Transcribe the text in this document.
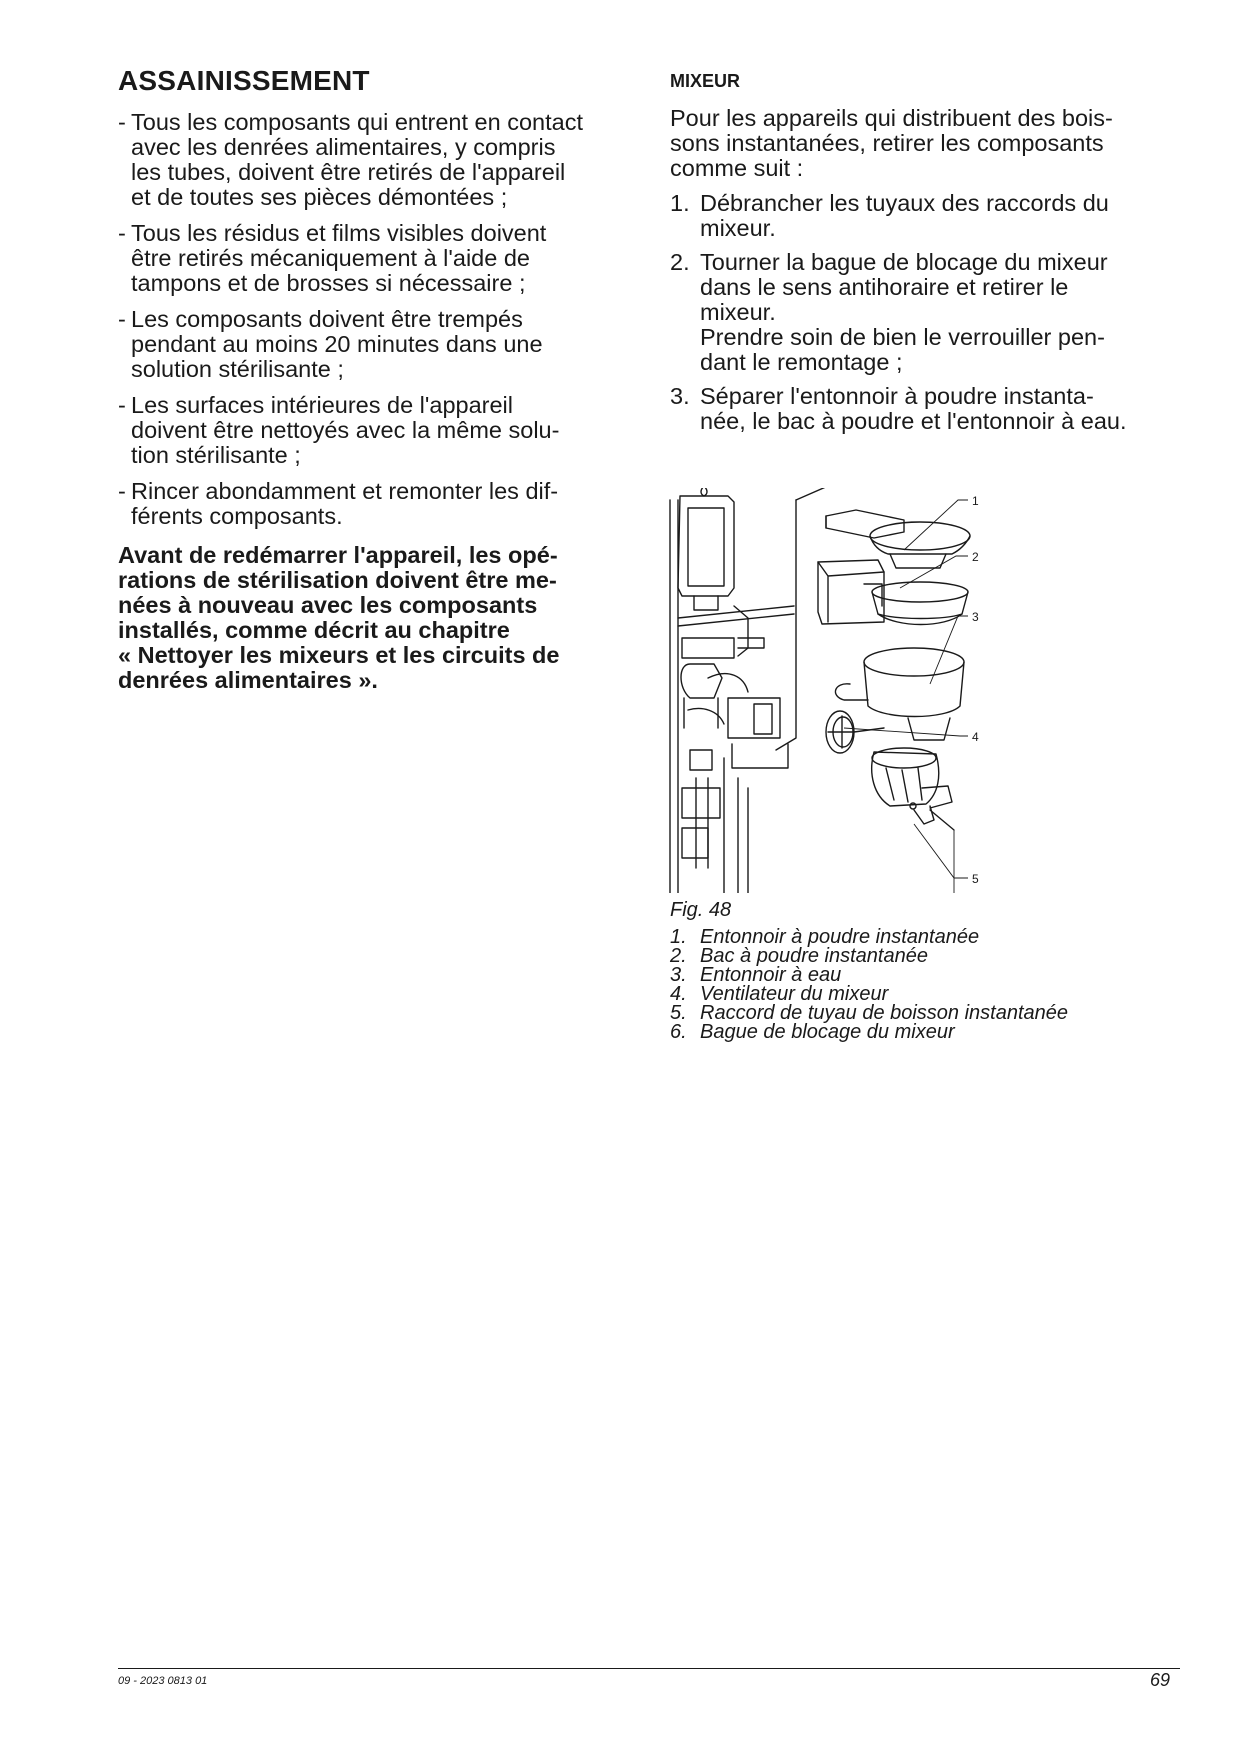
ASSAINISSEMENT
- Tous les composants qui entrent en contact
avec les denrées alimentaires, y compris
les tubes, doivent être retirés de l'appareil
et de toutes ses pièces démontées ;
- Tous les résidus et films visibles doivent
être retirés mécaniquement à l'aide de
tampons et de brosses si nécessaire ;
- Les composants doivent être trempés
pendant au moins 20 minutes dans une
solution stérilisante ;
- Les surfaces intérieures de l'appareil
doivent être nettoyés avec la même solu-
tion stérilisante ;
- Rincer abondamment et remonter les dif-
férents composants.
Avant de redémarrer l'appareil, les opé-
rations de stérilisation doivent être me-
nées à nouveau avec les composants
installés, comme décrit au chapitre
« Nettoyer les mixeurs et les circuits de
denrées alimentaires ».
MIXEUR
Pour les appareils qui distribuent des bois-
sons instantanées, retirer les composants
comme suit :
1. Débrancher les tuyaux des raccords du
mixeur.
2. Tourner la bague de blocage du mixeur
dans le sens antihoraire et retirer le
mixeur.
Prendre soin de bien le verrouiller pen-
dant le remontage ;
3. Séparer l'entonnoir à poudre instanta-
née, le bac à poudre et l'entonnoir à eau.
1
2
3
4
5
Fig. 48
1. Entonnoir à poudre instantanée
2. Bac à poudre instantanée
3. Entonnoir à eau
4. Ventilateur du mixeur
5. Raccord de tuyau de boisson instantanée
6. Bague de blocage du mixeur
09 - 2023 0813 01	69
